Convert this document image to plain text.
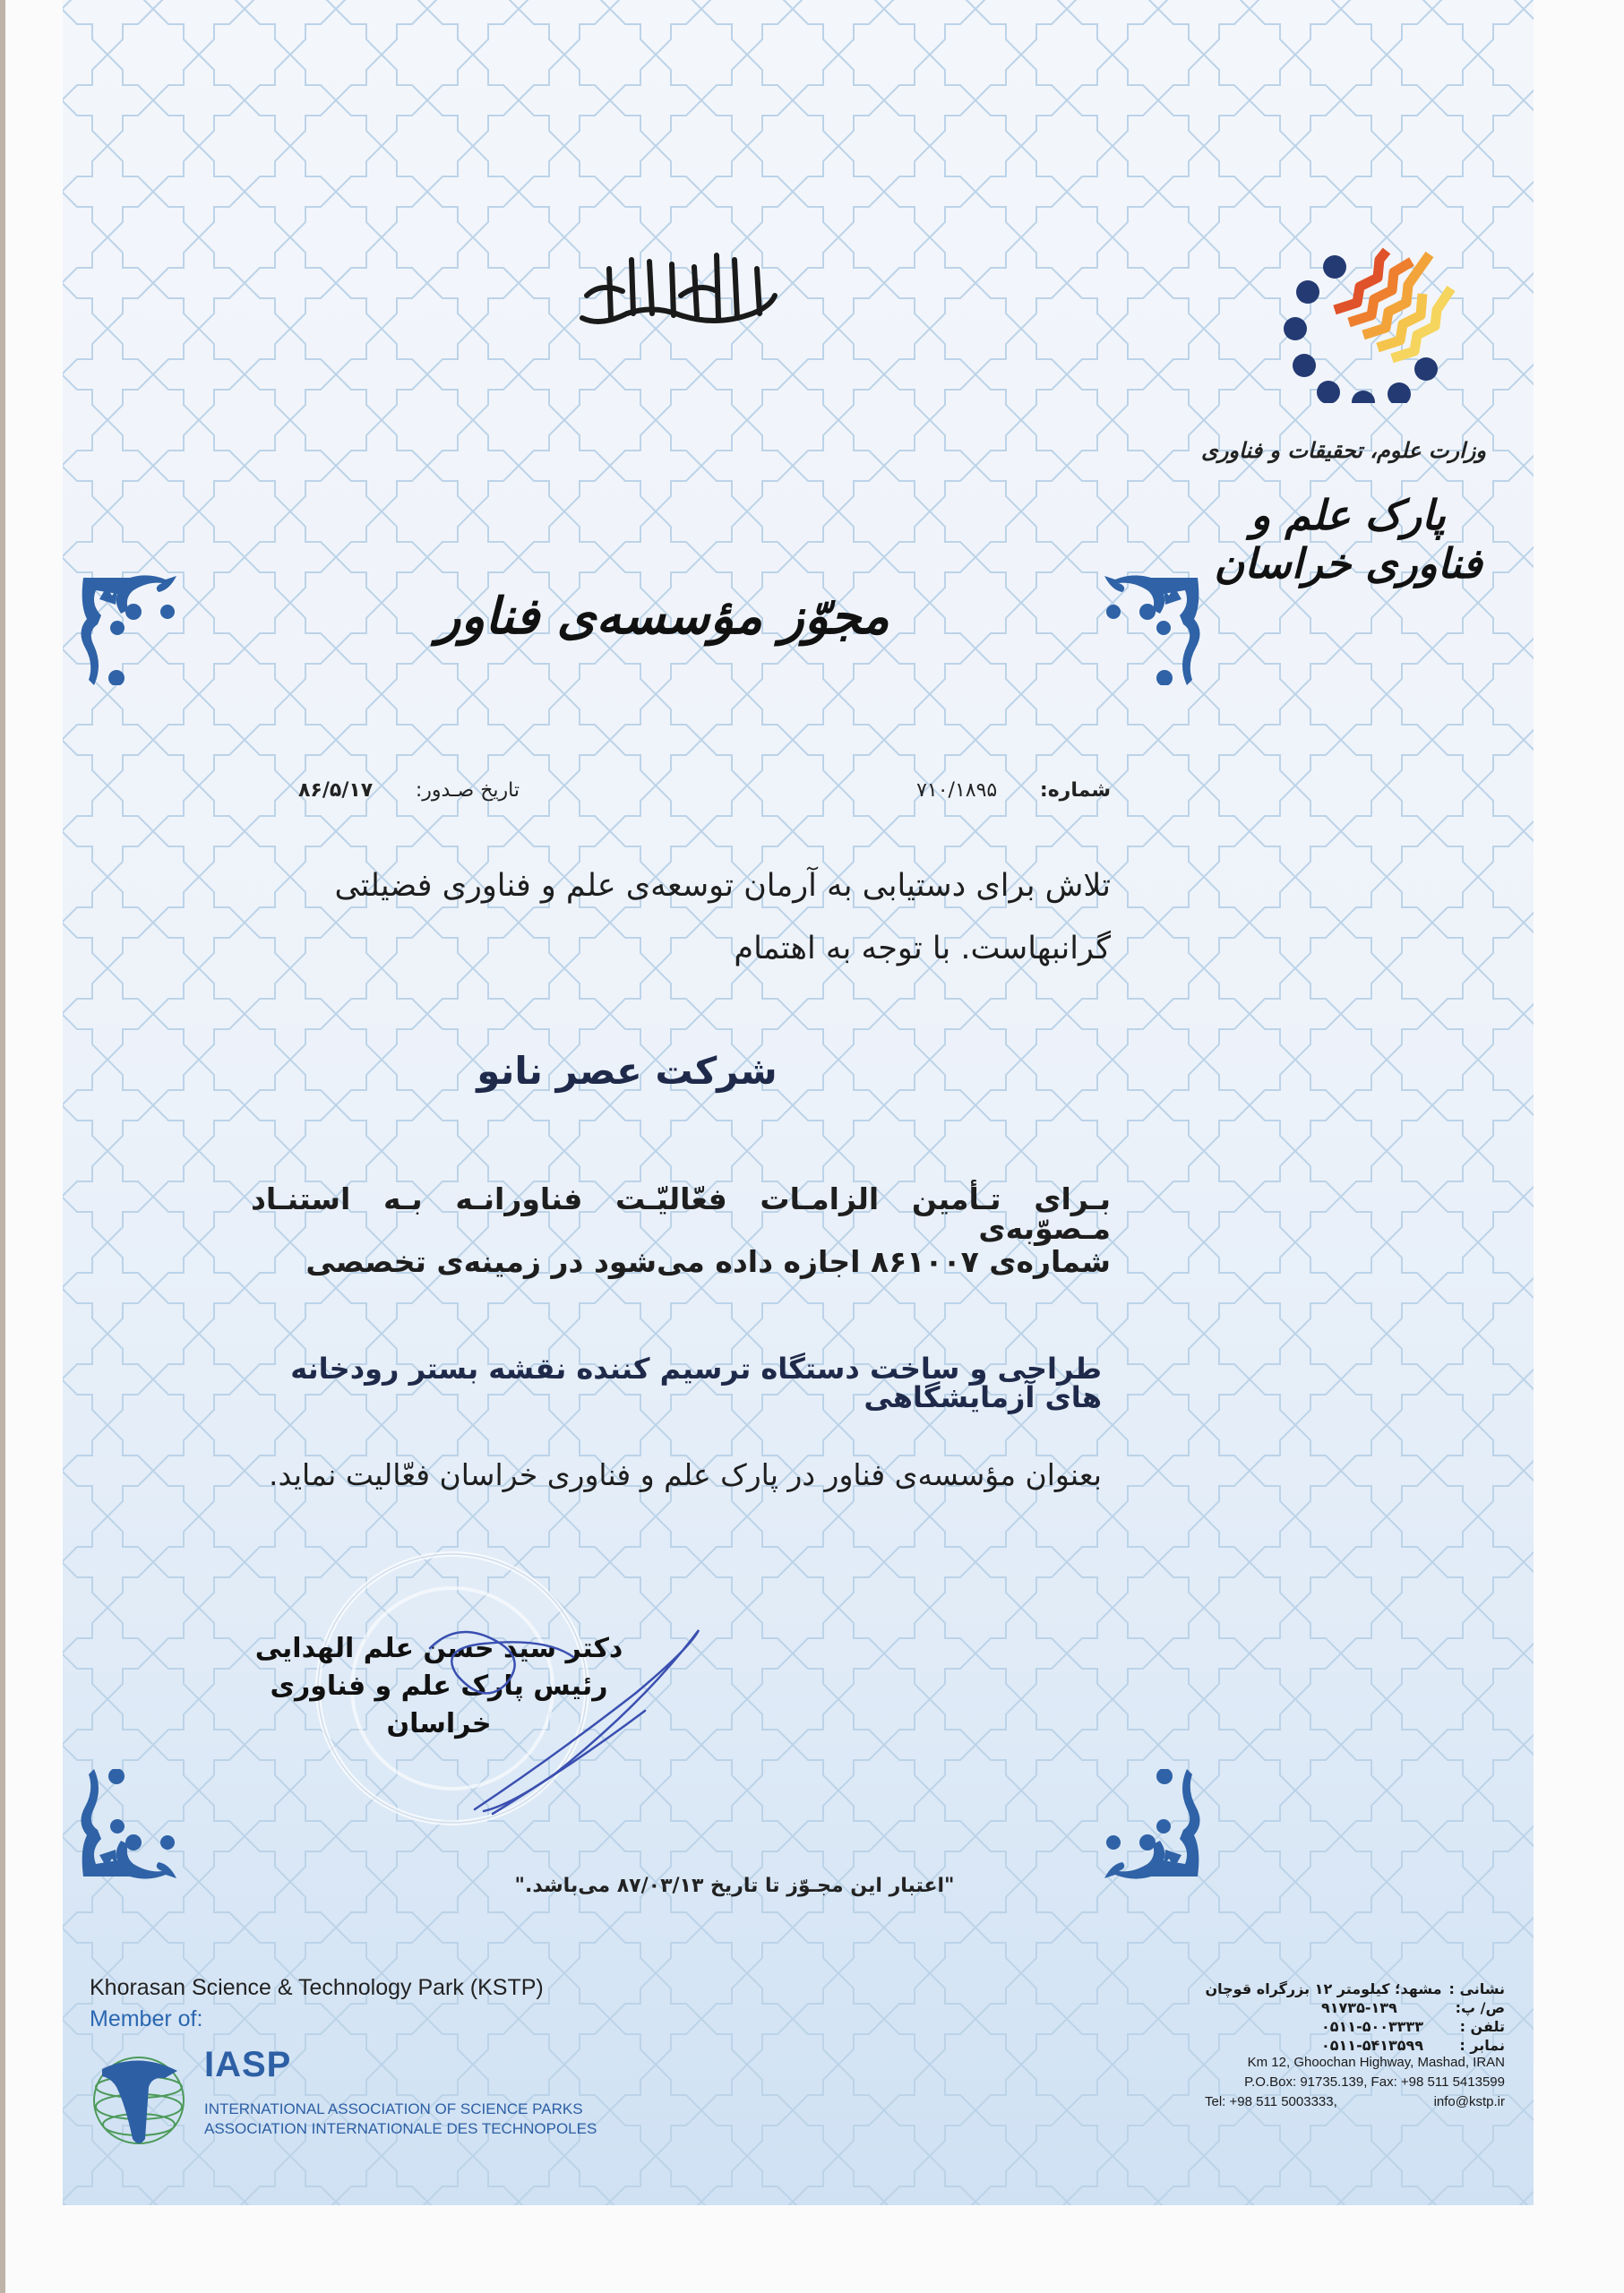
وزارت علوم، تحقیقات و فناوری
پارک علم و فناوری خراسان
مجوّز مؤسسه‌ی فناور
شماره: ۷۱۰/۱۸۹۵
تاریخ صـدور: ۸۶/۵/۱۷
تلاش برای دستیابی به آرمان توسعه‌ی علم و فناوری فضیلتی
گرانبهاست. با توجه به اهتمام
شرکت عصر نانو
بـرای تـأمین الزامـات فعّالیّـت فناورانـه بـه استنـاد مـصوّبه‌ی
شماره‌ی ۸۶۱۰۰۷ اجازه داده می‌شود در زمینه‌ی تخصصی
طراحی و ساخت دستگاه ترسیم کننده نقشه بستر رودخانه های آزمایشگاهی
بعنوان مؤسسه‌ی فناور در پارک علم و فناوری خراسان فعّالیت نماید.
دکتر سید حسن علم الهدایی
رئیس پارک علم و فناوری خراسان
"اعتبار این مجـوّز تا تاریخ ۸۷/۰۳/۱۳ می‌باشد."
Khorasan Science & Technology Park (KSTP)
Member of:
IASP
INTERNATIONAL ASSOCIATION OF SCIENCE PARKS
ASSOCIATION INTERNATIONALE DES TECHNOPOLES
نشانی :
مشهد؛ کیلومتر ۱۲ بزرگراه قوچان
ص/ پ:
۹۱۷۳۵-۱۳۹
تلفن :
۰۵۱۱-۵۰۰۳۳۳۳
نمابر :
۰۵۱۱-۵۴۱۳۵۹۹
Km 12, Ghoochan Highway, Mashad, IRAN
P.O.Box: 91735.139, Fax: +98 511 5413599
Tel: +98 511 5003333,	info@kstp.ir
